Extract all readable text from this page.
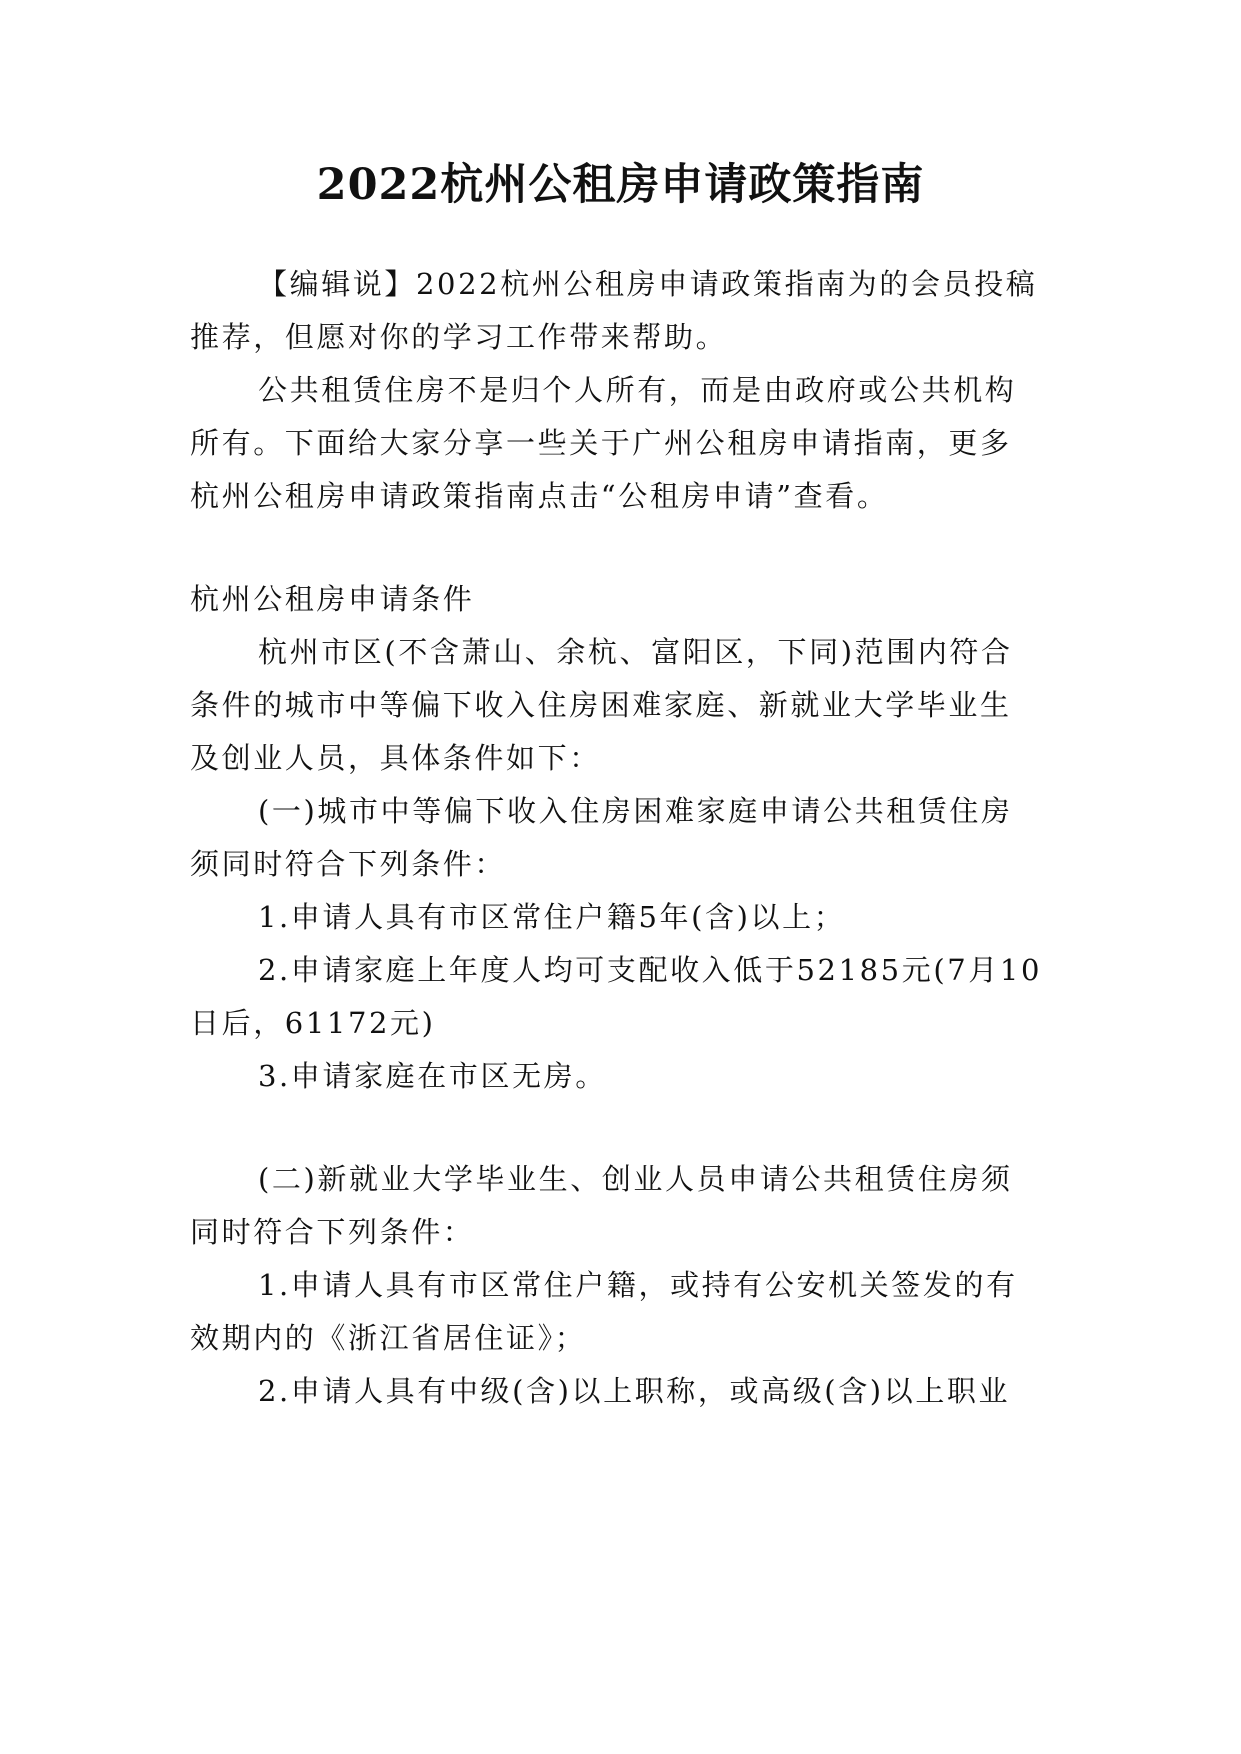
2022杭州公租房申请政策指南
【编辑说】2022杭州公租房申请政策指南为的会员投稿
推荐，但愿对你的学习工作带来帮助。
公共租赁住房不是归个人所有，而是由政府或公共机构
所有。下面给大家分享一些关于广州公租房申请指南，更多
杭州公租房申请政策指南点击“公租房申请”查看。
杭州公租房申请条件
杭州市区(不含萧山、余杭、富阳区，下同)范围内符合
条件的城市中等偏下收入住房困难家庭、新就业大学毕业生
及创业人员，具体条件如下：
(一)城市中等偏下收入住房困难家庭申请公共租赁住房
须同时符合下列条件：
1.申请人具有市区常住户籍5年(含)以上；
2.申请家庭上年度人均可支配收入低于52185元(7月10
日后，61172元)
3.申请家庭在市区无房。
(二)新就业大学毕业生、创业人员申请公共租赁住房须
同时符合下列条件：
1.申请人具有市区常住户籍，或持有公安机关签发的有
效期内的《浙江省居住证》；
2.申请人具有中级(含)以上职称，或高级(含)以上职业
